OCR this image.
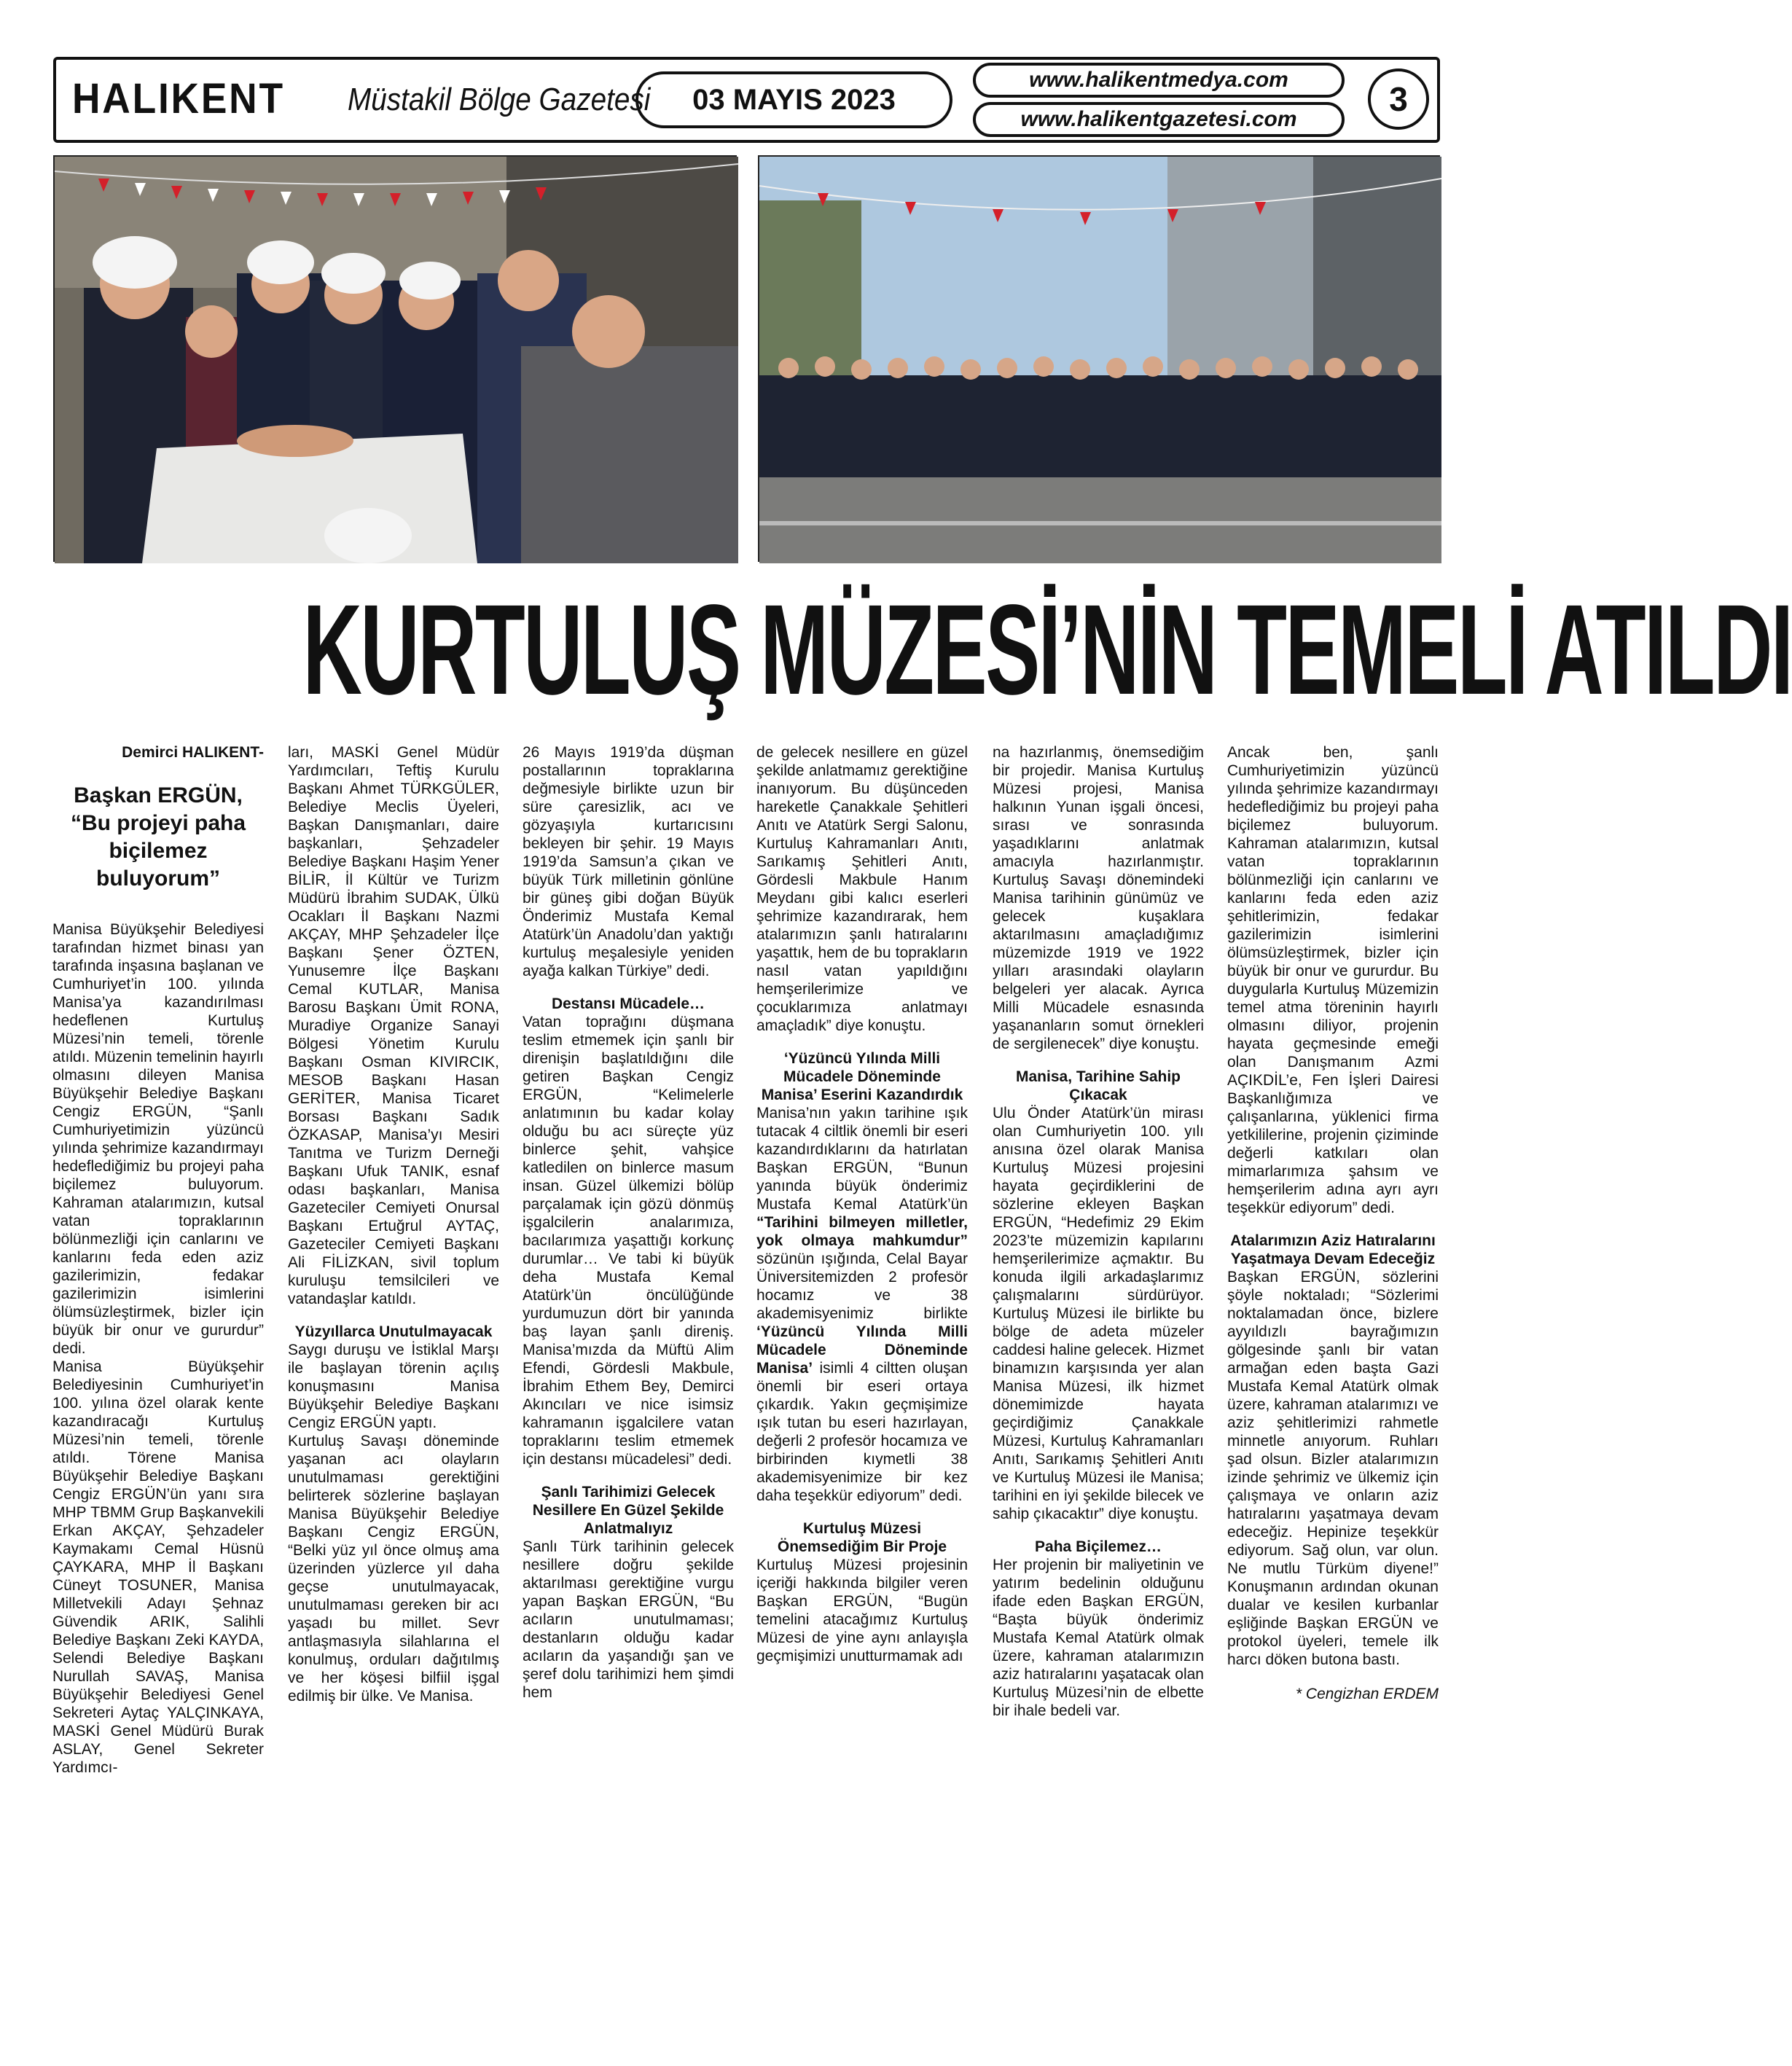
HALIKENT Müstakil Bölge Gazetesi	03 MAYIS 2023
www.halikentmedya.com
www.halikentgazetesi.com
3
KURTULUŞ MÜZESİ’NİN TEMELİ ATILDI

Demirci HALIKENT-

Başkan ERGÜN, “Bu projeyi paha biçilemez buluyorum”

Manisa Büyükşehir Belediyesi tarafından hizmet binası yan tarafında inşasına başlanan ve Cumhuriyet’in 100. yılında Manisa’ya kazandırılması hedeflenen Kurtuluş Müzesi’nin temeli, törenle atıldı. Müzenin temelinin hayırlı olmasını dileyen Manisa Büyükşehir Belediye Başkanı Cengiz ERGÜN, “Şanlı Cumhuriyetimizin yüzüncü yılında şehrimize kazandırmayı hedeflediğimiz bu projeyi paha biçilemez buluyorum. Kahraman atalarımızın, kutsal vatan topraklarının bölünmezliği için canlarını ve kanlarını feda eden aziz gazilerimizin, fedakar gazilerimizin isimlerini ölümsüzleştirmek, bizler için büyük bir onur ve gururdur” dedi.

Manisa Büyükşehir Belediyesinin Cumhuriyet’in 100. yılına özel olarak kente kazandıracağı Kurtuluş Müzesi’nin temeli, törenle atıldı. Törene Manisa Büyükşehir Belediye Başkanı Cengiz ERGÜN’ün yanı sıra MHP TBMM Grup Başkanvekili Erkan AKÇAY, Şehzadeler Kaymakamı Cemal Hüsnü ÇAYKARA, MHP İl Başkanı Cüneyt TOSUNER, Manisa Milletvekili Adayı Şehnaz Güvendik ARIK, Salihli Belediye Başkanı Zeki KAYDA, Selendi Belediye Başkanı Nurullah SAVAŞ, Manisa Büyükşehir Belediyesi Genel Sekreteri Aytaç YALÇINKAYA, MASKİ Genel Müdürü Burak ASLAY, Genel Sekreter Yardımcı-

ları, MASKİ Genel Müdür Yardımcıları, Teftiş Kurulu Başkanı Ahmet TÜRKGÜLER, Belediye Meclis Üyeleri, Başkan Danışmanları, daire başkanları, Şehzadeler Belediye Başkanı Haşim Yener BİLİR, İl Kültür ve Turizm Müdürü İbrahim SUDAK, Ülkü Ocakları İl Başkanı Nazmi AKÇAY, MHP Şehzadeler İlçe Başkanı Şener ÖZTEN, Yunusemre İlçe Başkanı Cemal KUTLAR, Manisa Barosu Başkanı Ümit RONA, Muradiye Organize Sanayi Bölgesi Yönetim Kurulu Başkanı Osman KIVIRCIK, MESOB Başkanı Hasan GERİTER, Manisa Ticaret Borsası Başkanı Sadık ÖZKASAP, Manisa’yı Mesiri Tanıtma ve Turizm Derneği Başkanı Ufuk TANIK, esnaf odası başkanları, Manisa Gazeteciler Cemiyeti Onursal Başkanı Ertuğrul AYTAÇ, Gazeteciler Cemiyeti Başkanı Ali FİLİZKAN, sivil toplum kuruluşu temsilcileri ve vatandaşlar katıldı.

Yüzyıllarca Unutulmayacak

Saygı duruşu ve İstiklal Marşı ile başlayan törenin açılış konuşmasını Manisa Büyükşehir Belediye Başkanı Cengiz ERGÜN yaptı.

Kurtuluş Savaşı döneminde yaşanan acı olayların unutulmaması gerektiğini belirterek sözlerine başlayan Manisa Büyükşehir Belediye Başkanı Cengiz ERGÜN, “Belki yüz yıl önce olmuş ama üzerinden yüzlerce yıl daha geçse unutulmayacak, unutulmaması gereken bir acı yaşadı bu millet. Sevr antlaşmasıyla silahlarına el konulmuş, orduları dağıtılmış ve her köşesi bilfiil işgal edilmiş bir ülke. Ve Manisa.

26 Mayıs 1919’da düşman postallarının topraklarına değmesiyle birlikte uzun bir süre çaresizlik, acı ve gözyaşıyla kurtarıcısını bekleyen bir şehir. 19 Mayıs 1919’da Samsun’a çıkan ve büyük Türk milletinin gönlüne bir güneş gibi doğan Büyük Önderimiz Mustafa Kemal Atatürk’ün Anadolu’dan yaktığı kurtuluş meşalesiyle yeniden ayağa kalkan Türkiye” dedi.

Destansı Mücadele…

Vatan toprağını düşmana teslim etmemek için şanlı bir direnişin başlatıldığını dile getiren Başkan Cengiz ERGÜN, “Kelimelerle anlatımının bu kadar kolay olduğu bu acı süreçte yüz binlerce şehit, vahşice katledilen on binlerce masum insan. Güzel ülkemizi bölüp parçalamak için gözü dönmüş işgalcilerin analarımıza, bacılarımıza yaşattığı korkunç durumlar… Ve tabi ki büyük deha Mustafa Kemal Atatürk’ün öncülüğünde yurdumuzun dört bir yanında baş layan şanlı direniş. Manisa’mızda da Müftü Alim Efendi, Gördesli Makbule, İbrahim Ethem Bey, Demirci Akıncıları ve nice isimsiz kahramanın işgalcilere vatan topraklarını teslim etmemek için destansı mücadelesi” dedi.

Şanlı Tarihimizi Gelecek Nesillere En Güzel Şekilde Anlatmalıyız

Şanlı Türk tarihinin gelecek nesillere doğru şekilde aktarılması gerektiğine vurgu yapan Başkan ERGÜN, “Bu acıların unutulmaması; destanların olduğu kadar acıların da yaşandığı şan ve şeref dolu tarihimizi hem şimdi hem

de gelecek nesillere en güzel şekilde anlatmamız gerektiğine inanıyorum. Bu düşünceden hareketle Çanakkale Şehitleri Anıtı ve Atatürk Sergi Salonu, Kurtuluş Kahramanları Anıtı, Sarıkamış Şehitleri Anıtı, Gördesli Makbule Hanım Meydanı gibi kalıcı eserleri şehrimize kazandırarak, hem atalarımızın şanlı hatıralarını yaşattık, hem de bu toprakların nasıl vatan yapıldığını hemşerilerimize ve çocuklarımıza anlatmayı amaçladık” diye konuştu.

‘Yüzüncü Yılında Milli Mücadele Döneminde Manisa’ Eserini Kazandırdık

Manisa’nın yakın tarihine ışık tutacak 4 ciltlik önemli bir eseri kazandırdıklarını da hatırlatan Başkan ERGÜN, “Bunun yanında büyük önderimiz Mustafa Kemal Atatürk’ün “Tarihini bilmeyen milletler, yok olmaya mahkumdur” sözünün ışığında, Celal Bayar Üniversitemizden 2 profesör hocamız ve 38 akademisyenimiz birlikte ‘Yüzüncü Yılında Milli Mücadele Döneminde Manisa’ isimli 4 ciltten oluşan önemli bir eseri ortaya çıkardık. Yakın geçmişimize ışık tutan bu eseri hazırlayan, değerli 2 profesör hocamıza ve birbirinden kıymetli 38 akademisyenimize bir kez daha teşekkür ediyorum” dedi.

Kurtuluş Müzesi Önemsediğim Bir Proje

Kurtuluş Müzesi projesinin içeriği hakkında bilgiler veren Başkan ERGÜN, “Bugün temelini atacağımız Kurtuluş Müzesi de yine aynı anlayışla geçmişimizi unutturmamak adı

na hazırlanmış, önemsediğim bir projedir. Manisa Kurtuluş Müzesi projesi, Manisa halkının Yunan işgali öncesi, sırası ve sonrasında yaşadıklarını anlatmak amacıyla hazırlanmıştır. Kurtuluş Savaşı dönemindeki Manisa tarihinin günümüz ve gelecek kuşaklara aktarılmasını amaçladığımız müzemizde 1919 ve 1922 yılları arasındaki olayların belgeleri yer alacak. Ayrıca Milli Mücadele esnasında yaşananların somut örnekleri de sergilenecek” diye konuştu.

Manisa, Tarihine Sahip Çıkacak

Ulu Önder Atatürk’ün mirası olan Cumhuriyetin 100. yılı anısına özel olarak Manisa Kurtuluş Müzesi projesini hayata geçirdiklerini de sözlerine ekleyen Başkan ERGÜN, “Hedefimiz 29 Ekim 2023’te müzemizin kapılarını hemşerilerimize açmaktır. Bu konuda ilgili arkadaşlarımız çalışmalarını sürdürüyor. Kurtuluş Müzesi ile birlikte bu bölge de adeta müzeler caddesi haline gelecek. Hizmet binamızın karşısında yer alan Manisa Müzesi, ilk hizmet dönemimizde hayata geçirdiğimiz Çanakkale Müzesi, Kurtuluş Kahramanları Anıtı, Sarıkamış Şehitleri Anıtı ve Kurtuluş Müzesi ile Manisa; tarihini en iyi şekilde bilecek ve sahip çıkacaktır” diye konuştu.

Paha Biçilemez…

Her projenin bir maliyetinin ve yatırım bedelinin olduğunu ifade eden Başkan ERGÜN, “Başta büyük önderimiz Mustafa Kemal Atatürk olmak üzere, kahraman atalarımızın aziz hatıralarını yaşatacak olan Kurtuluş Müzesi’nin de elbette bir ihale bedeli var.

Ancak ben, şanlı Cumhuriyetimizin yüzüncü yılında şehrimize kazandırmayı hedeflediğimiz bu projeyi paha biçilemez buluyorum. Kahraman atalarımızın, kutsal vatan topraklarının bölünmezliği için canlarını ve kanlarını feda eden aziz şehitlerimizin, fedakar gazilerimizin isimlerini ölümsüzleştirmek, bizler için büyük bir onur ve gururdur. Bu duygularla Kurtuluş Müzemizin temel atma töreninin hayırlı olmasını diliyor, projenin hayata geçmesinde emeği olan Danışmanım Azmi AÇIKDİL’e, Fen İşleri Dairesi Başkanlığımıza ve çalışanlarına, yüklenici firma yetkililerine, projenin çiziminde değerli katkıları olan mimarlarımıza şahsım ve hemşerilerim adına ayrı ayrı teşekkür ediyorum” dedi.

Atalarımızın Aziz Hatıralarını Yaşatmaya Devam Edeceğiz

Başkan ERGÜN, sözlerini şöyle noktaladı; “Sözlerimi noktalamadan önce, bizlere ayyıldızlı bayrağımızın gölgesinde şanlı bir vatan armağan eden başta Gazi Mustafa Kemal Atatürk olmak üzere, kahraman atalarımızı ve aziz şehitlerimizi rahmetle minnetle anıyorum. Ruhları şad olsun. Bizler atalarımızın izinde şehrimiz ve ülkemiz için çalışmaya ve onların aziz hatıralarını yaşatmaya devam edeceğiz. Hepinize teşekkür ediyorum. Sağ olun, var olun. Ne mutlu Türküm diyene!” Konuşmanın ardından okunan dualar ve kesilen kurbanlar eşliğinde Başkan ERGÜN ve protokol üyeleri, temele ilk harcı döken butona bastı.

* Cengizhan ERDEM
